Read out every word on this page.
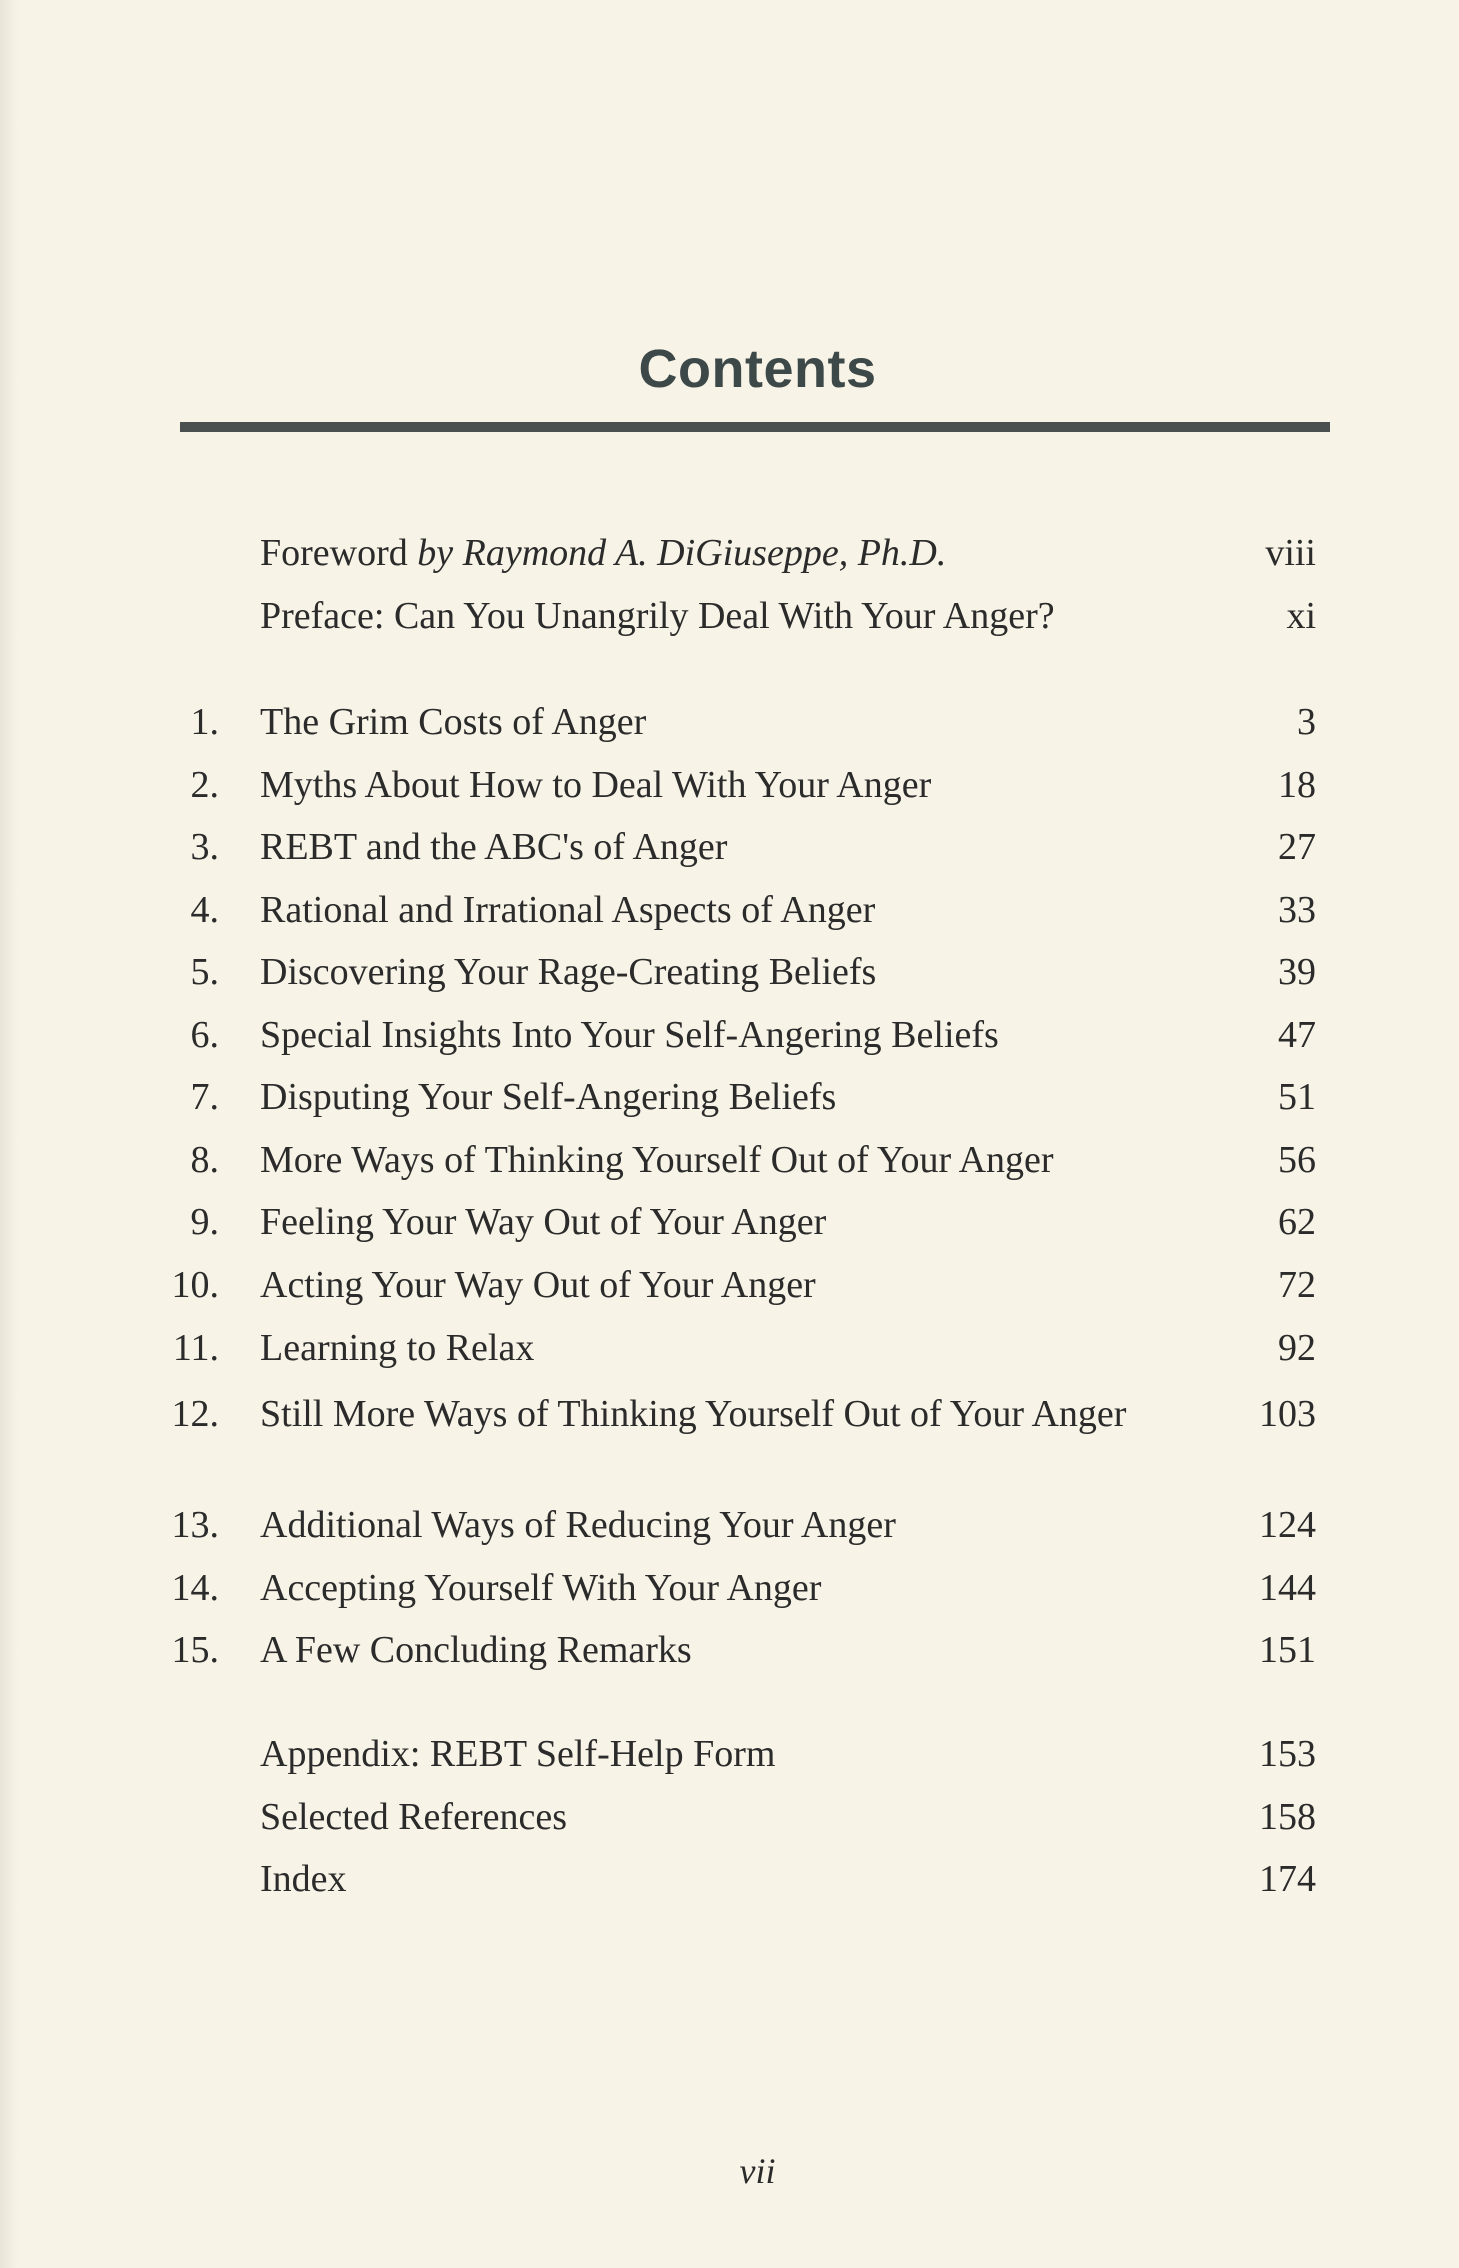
Contents
Foreword by Raymond A. DiGiuseppe, Ph.D.	viii
Preface: Can You Unangrily Deal With Your Anger?	xi
1. The Grim Costs of Anger	3
2. Myths About How to Deal With Your Anger	18
3. REBT and the ABC's of Anger	27
4. Rational and Irrational Aspects of Anger	33
5. Discovering Your Rage-Creating Beliefs	39
6. Special Insights Into Your Self-Angering Beliefs	47
7. Disputing Your Self-Angering Beliefs	51
8. More Ways of Thinking Yourself Out of Your Anger	56
9. Feeling Your Way Out of Your Anger	62
10. Acting Your Way Out of Your Anger	72
11. Learning to Relax	92
12. Still More Ways of Thinking Yourself Out of Your Anger	103
13. Additional Ways of Reducing Your Anger	124
14. Accepting Yourself With Your Anger	144
15. A Few Concluding Remarks	151
Appendix: REBT Self-Help Form	153
Selected References	158
Index	174
vii
